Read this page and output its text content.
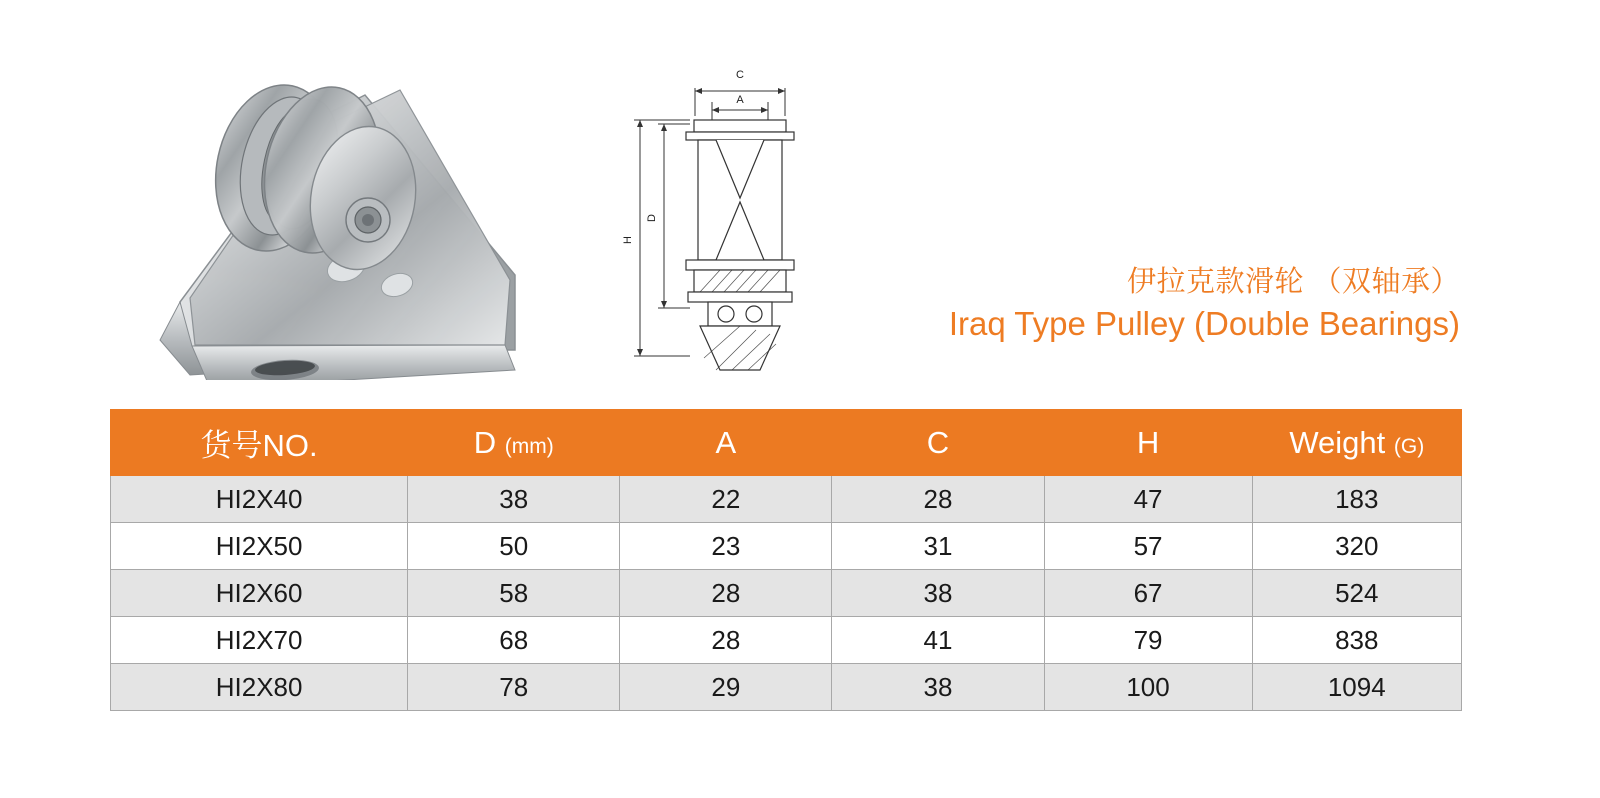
C
A
H
D
伊拉克款滑轮 （双轴承）
Iraq Type Pulley (Double Bearings)
货号NO.	D (mm)	A	C	H	Weight (G)
HI2X40	38	22	28	47	183
HI2X50	50	23	31	57	320
HI2X60	58	28	38	67	524
HI2X70	68	28	41	79	838
HI2X80	78	29	38	100	1094
